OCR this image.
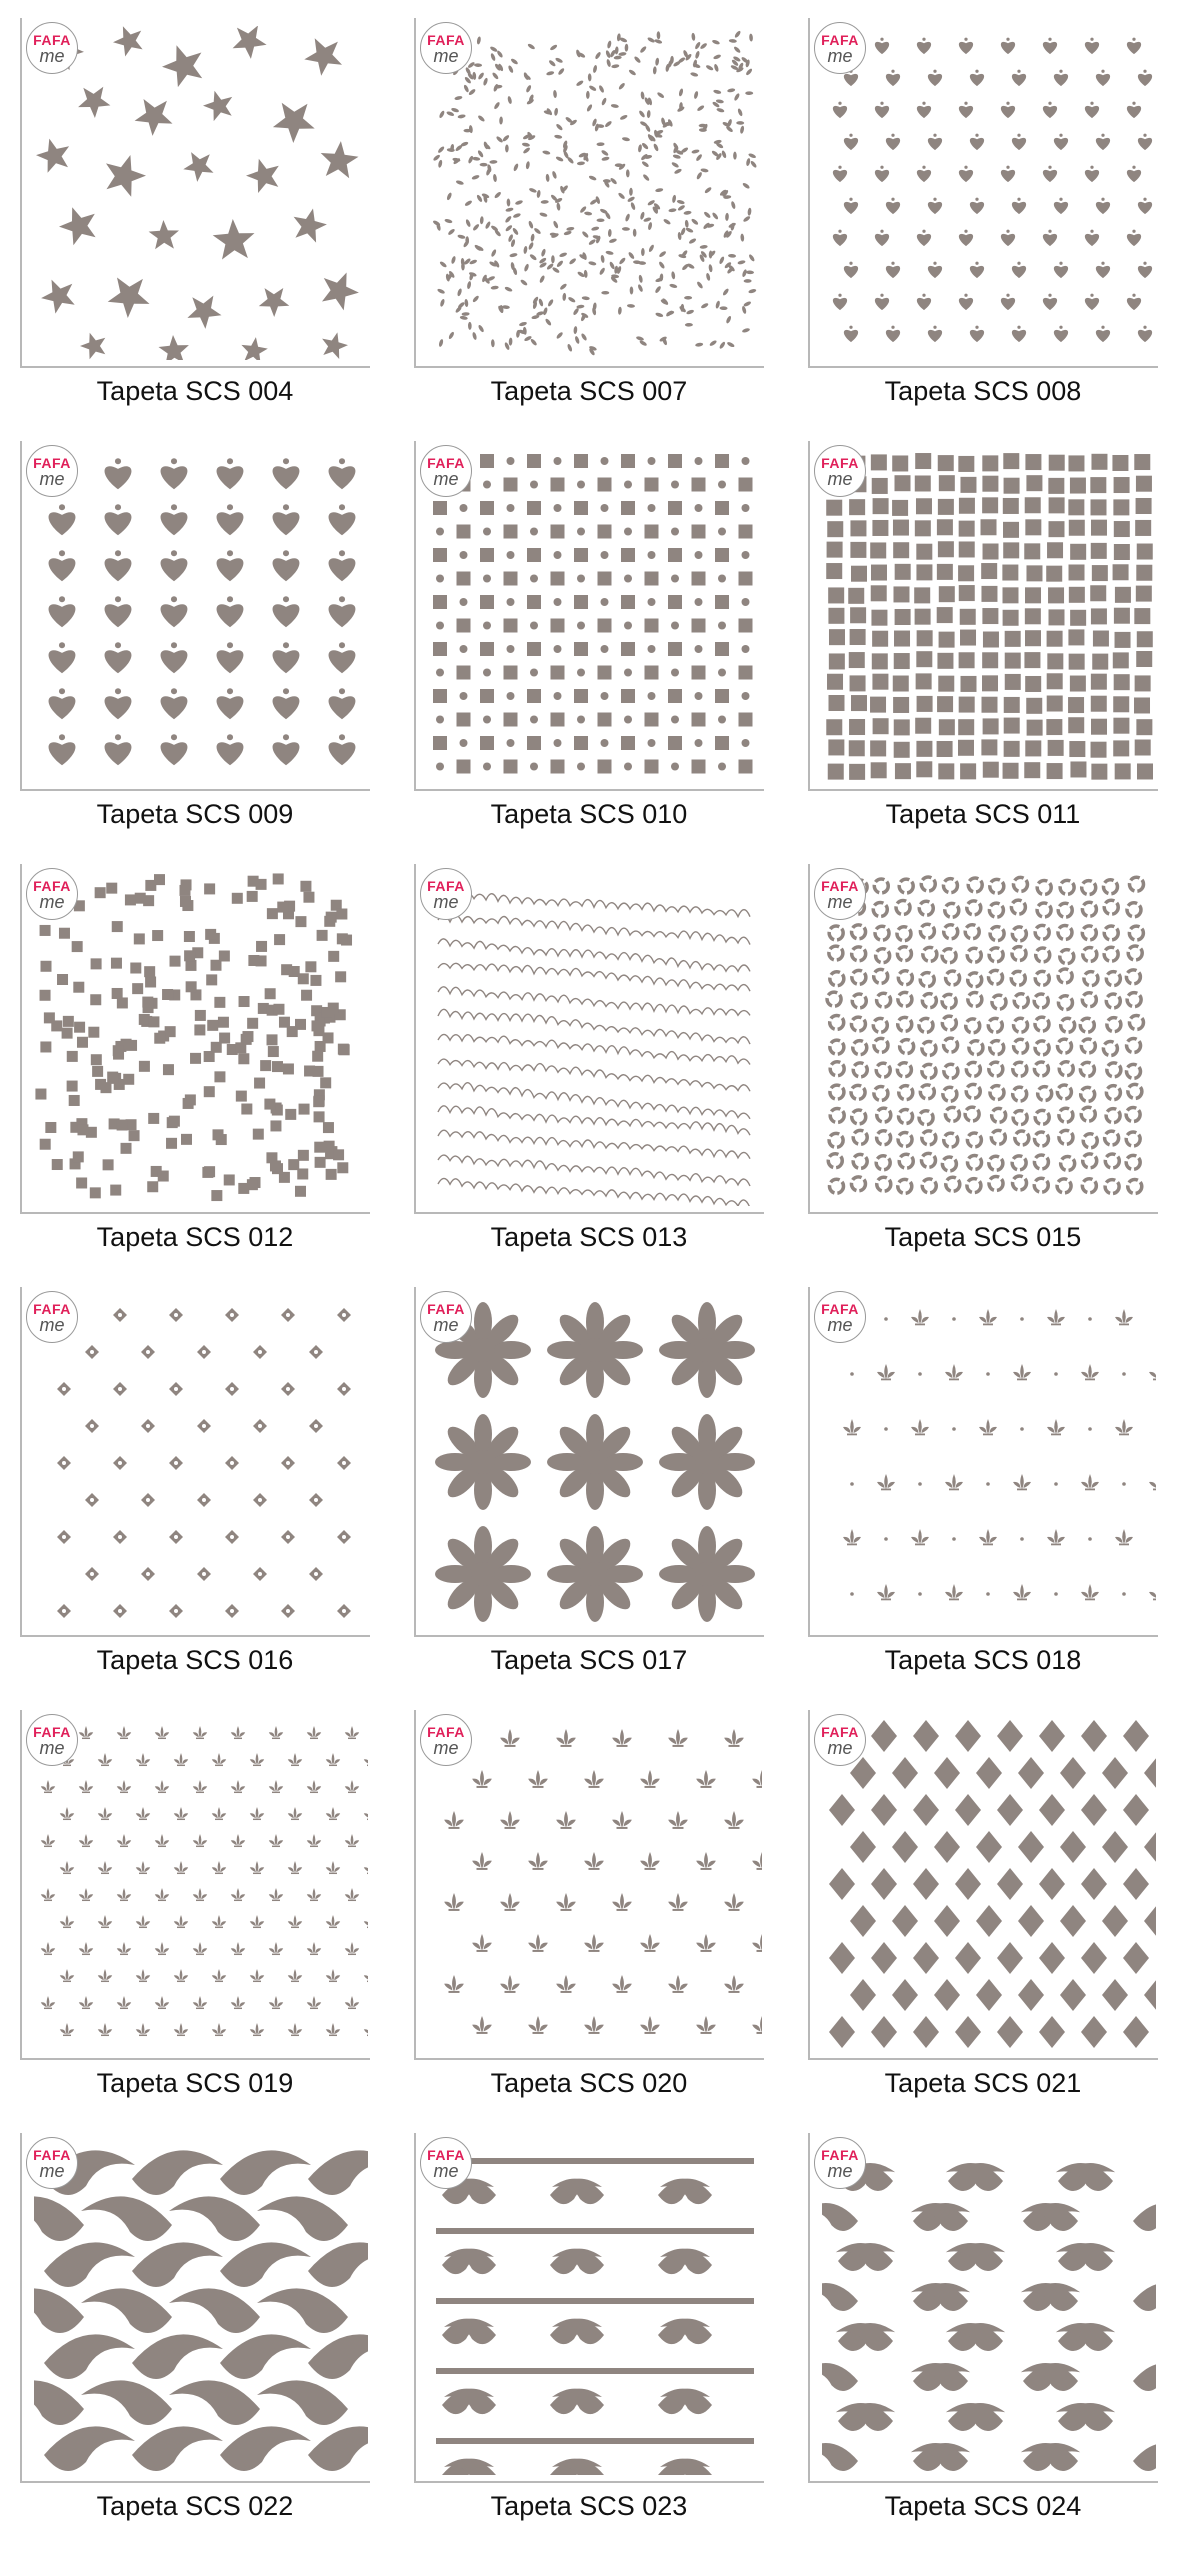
FAFA
me
Tapeta SCS 004
FAFA
me
Tapeta SCS 007
FAFA
me
Tapeta SCS 008
FAFA
me
Tapeta SCS 009
FAFA
me
Tapeta SCS 010
FAFA
me
Tapeta SCS 011
FAFA
me
Tapeta SCS 012
FAFA
me
Tapeta SCS 013
FAFA
me
Tapeta SCS 015
FAFA
me
Tapeta SCS 016
FAFA
me
Tapeta SCS 017
FAFA
me
Tapeta SCS 018
FAFA
me
Tapeta SCS 019
FAFA
me
Tapeta SCS 020
FAFA
me
Tapeta SCS 021
FAFA
me
Tapeta SCS 022
FAFA
me
Tapeta SCS 023
FAFA
me
Tapeta SCS 024
